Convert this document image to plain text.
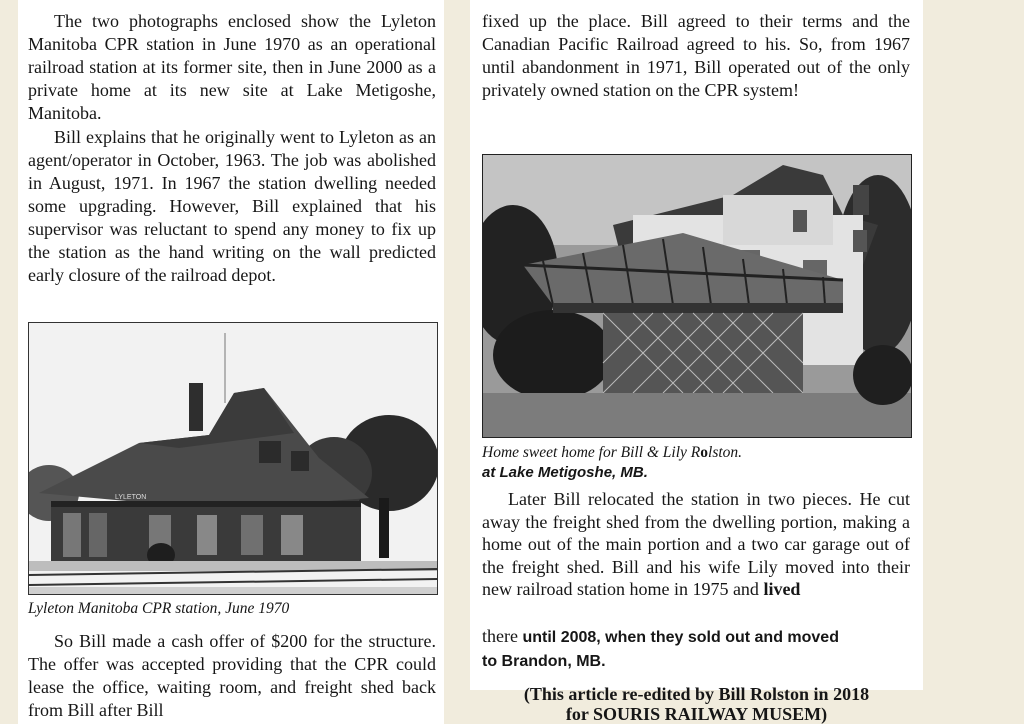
The two photographs enclosed show the Lyleton Manitoba CPR station in June 1970 as an operational railroad station at its former site, then in June 2000 as a private home at its new site at Lake Metigoshe, Manitoba.

Bill explains that he originally went to Lyleton as an agent/operator in October, 1963. The job was abolished in August, 1971. In 1967 the station dwelling needed some upgrading. However, Bill explained that his supervisor was reluctant to spend any money to fix up the station as the hand writing on the wall predicted early closure of the railroad depot.

LYLETON

Lyleton Manitoba CPR station, June 1970

So Bill made a cash offer of $200 for the structure. The offer was accepted providing that the CPR could lease the office, waiting room, and freight shed back from Bill after Bill

fixed up the place. Bill agreed to their terms and the Canadian Pacific Railroad agreed to his. So, from 1967 until abandonment in 1971, Bill operated out of the only privately owned station on the CPR system!

Home sweet home for Bill & Lily Rolston.

at Lake Metigoshe, MB.

Later Bill relocated the station in two pieces. He cut away the freight shed from the dwelling portion, making a home out of the main portion and a two car garage out of the freight shed. Bill and his wife Lily moved into their new railroad station home in 1975 and lived

there until 2008, when they sold out and moved
to Brandon, MB.

(This article re-edited by Bill Rolston in 2018
for SOURIS RAILWAY MUSEM)
